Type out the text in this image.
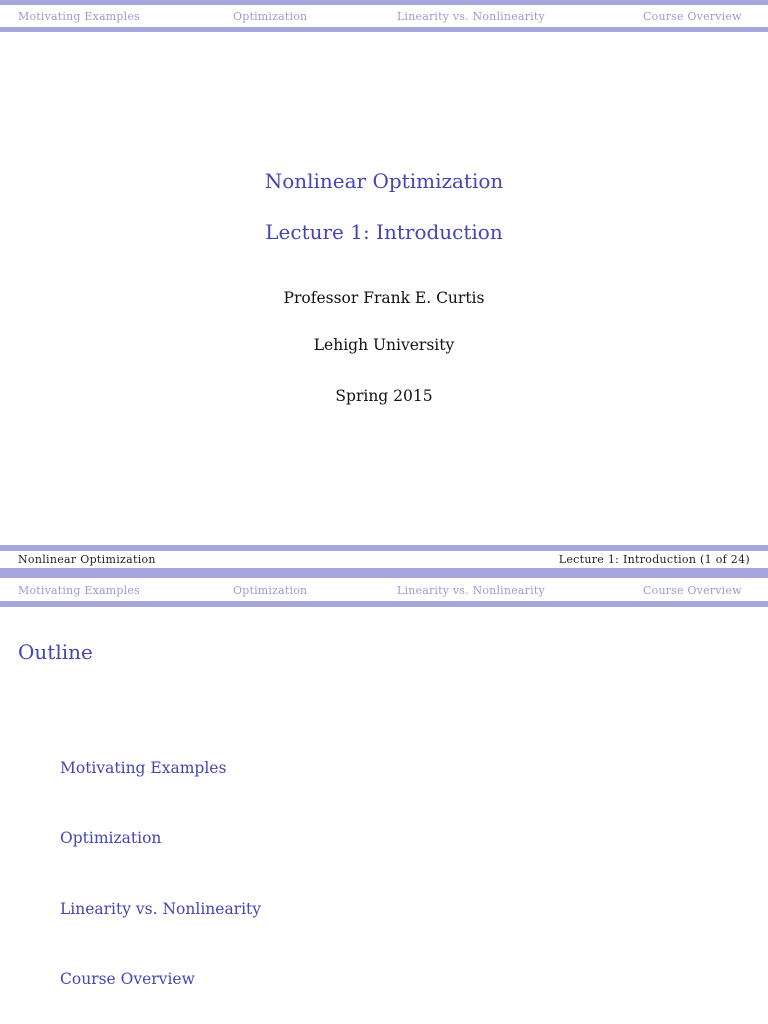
Motivating Examples	Optimization	Linearity vs. Nonlinearity	Course Overview
Nonlinear Optimization
Lecture 1: Introduction
Professor Frank E. Curtis
Lehigh University
Spring 2015
Nonlinear Optimization	Lecture 1: Introduction (1 of 24)
Motivating Examples	Optimization	Linearity vs. Nonlinearity	Course Overview
Outline
Motivating Examples
Optimization
Linearity vs. Nonlinearity
Course Overview
